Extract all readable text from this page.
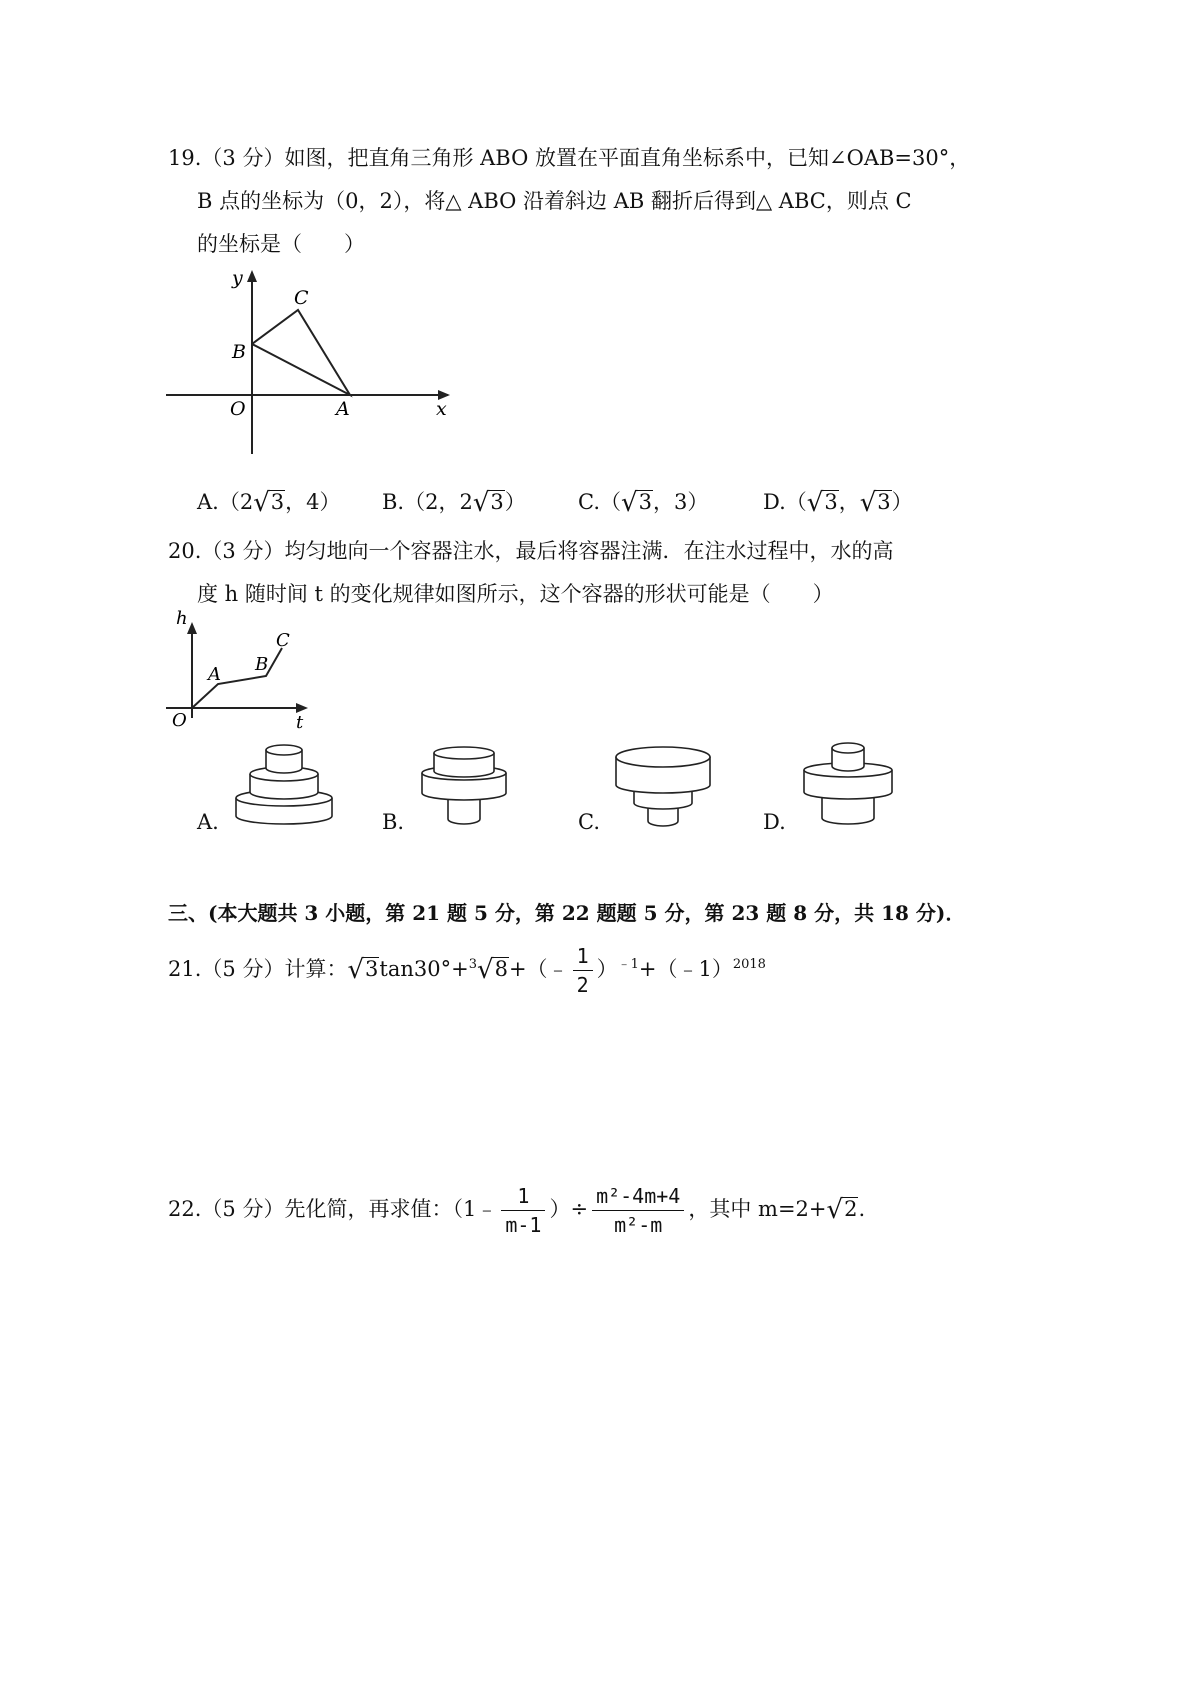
19.（3 分）如图，把直角三角形 ABO 放置在平面直角坐标系中，已知∠OAB=30°，
B 点的坐标为（0，2），将△ ABO 沿着斜边 AB 翻折后得到△ ABC，则点 C
的坐标是（　　）
y
C
B
O	A	x
A.（2√3，4） B.（2，2√3） C.（√3，3）	D.（√3，√3）
20.（3 分）均匀地向一个容器注水，最后将容器注满．在注水过程中，水的高
度 h 随时间 t 的变化规律如图所示，这个容器的形状可能是（　　）
h
C
B
A
O	t
A.	B.	C.	D.
三、(本大题共 3 小题，第 21 题 5 分，第 22 题题 5 分，第 23 题 8 分，共 18 分)．
21.（5 分）计算：√3tan30°+$^3$√8+（﹣ $\frac{1}{2}$ ）$^{﹣1}$+（﹣1）$^{2018}$
22.（5 分）先化简，再求值：（1﹣ $\frac{1}{m-1}$ ）÷ $\frac{\text{m²-4m+4}}{\text{m²-m}}$ ，其中 m=2+√2.
